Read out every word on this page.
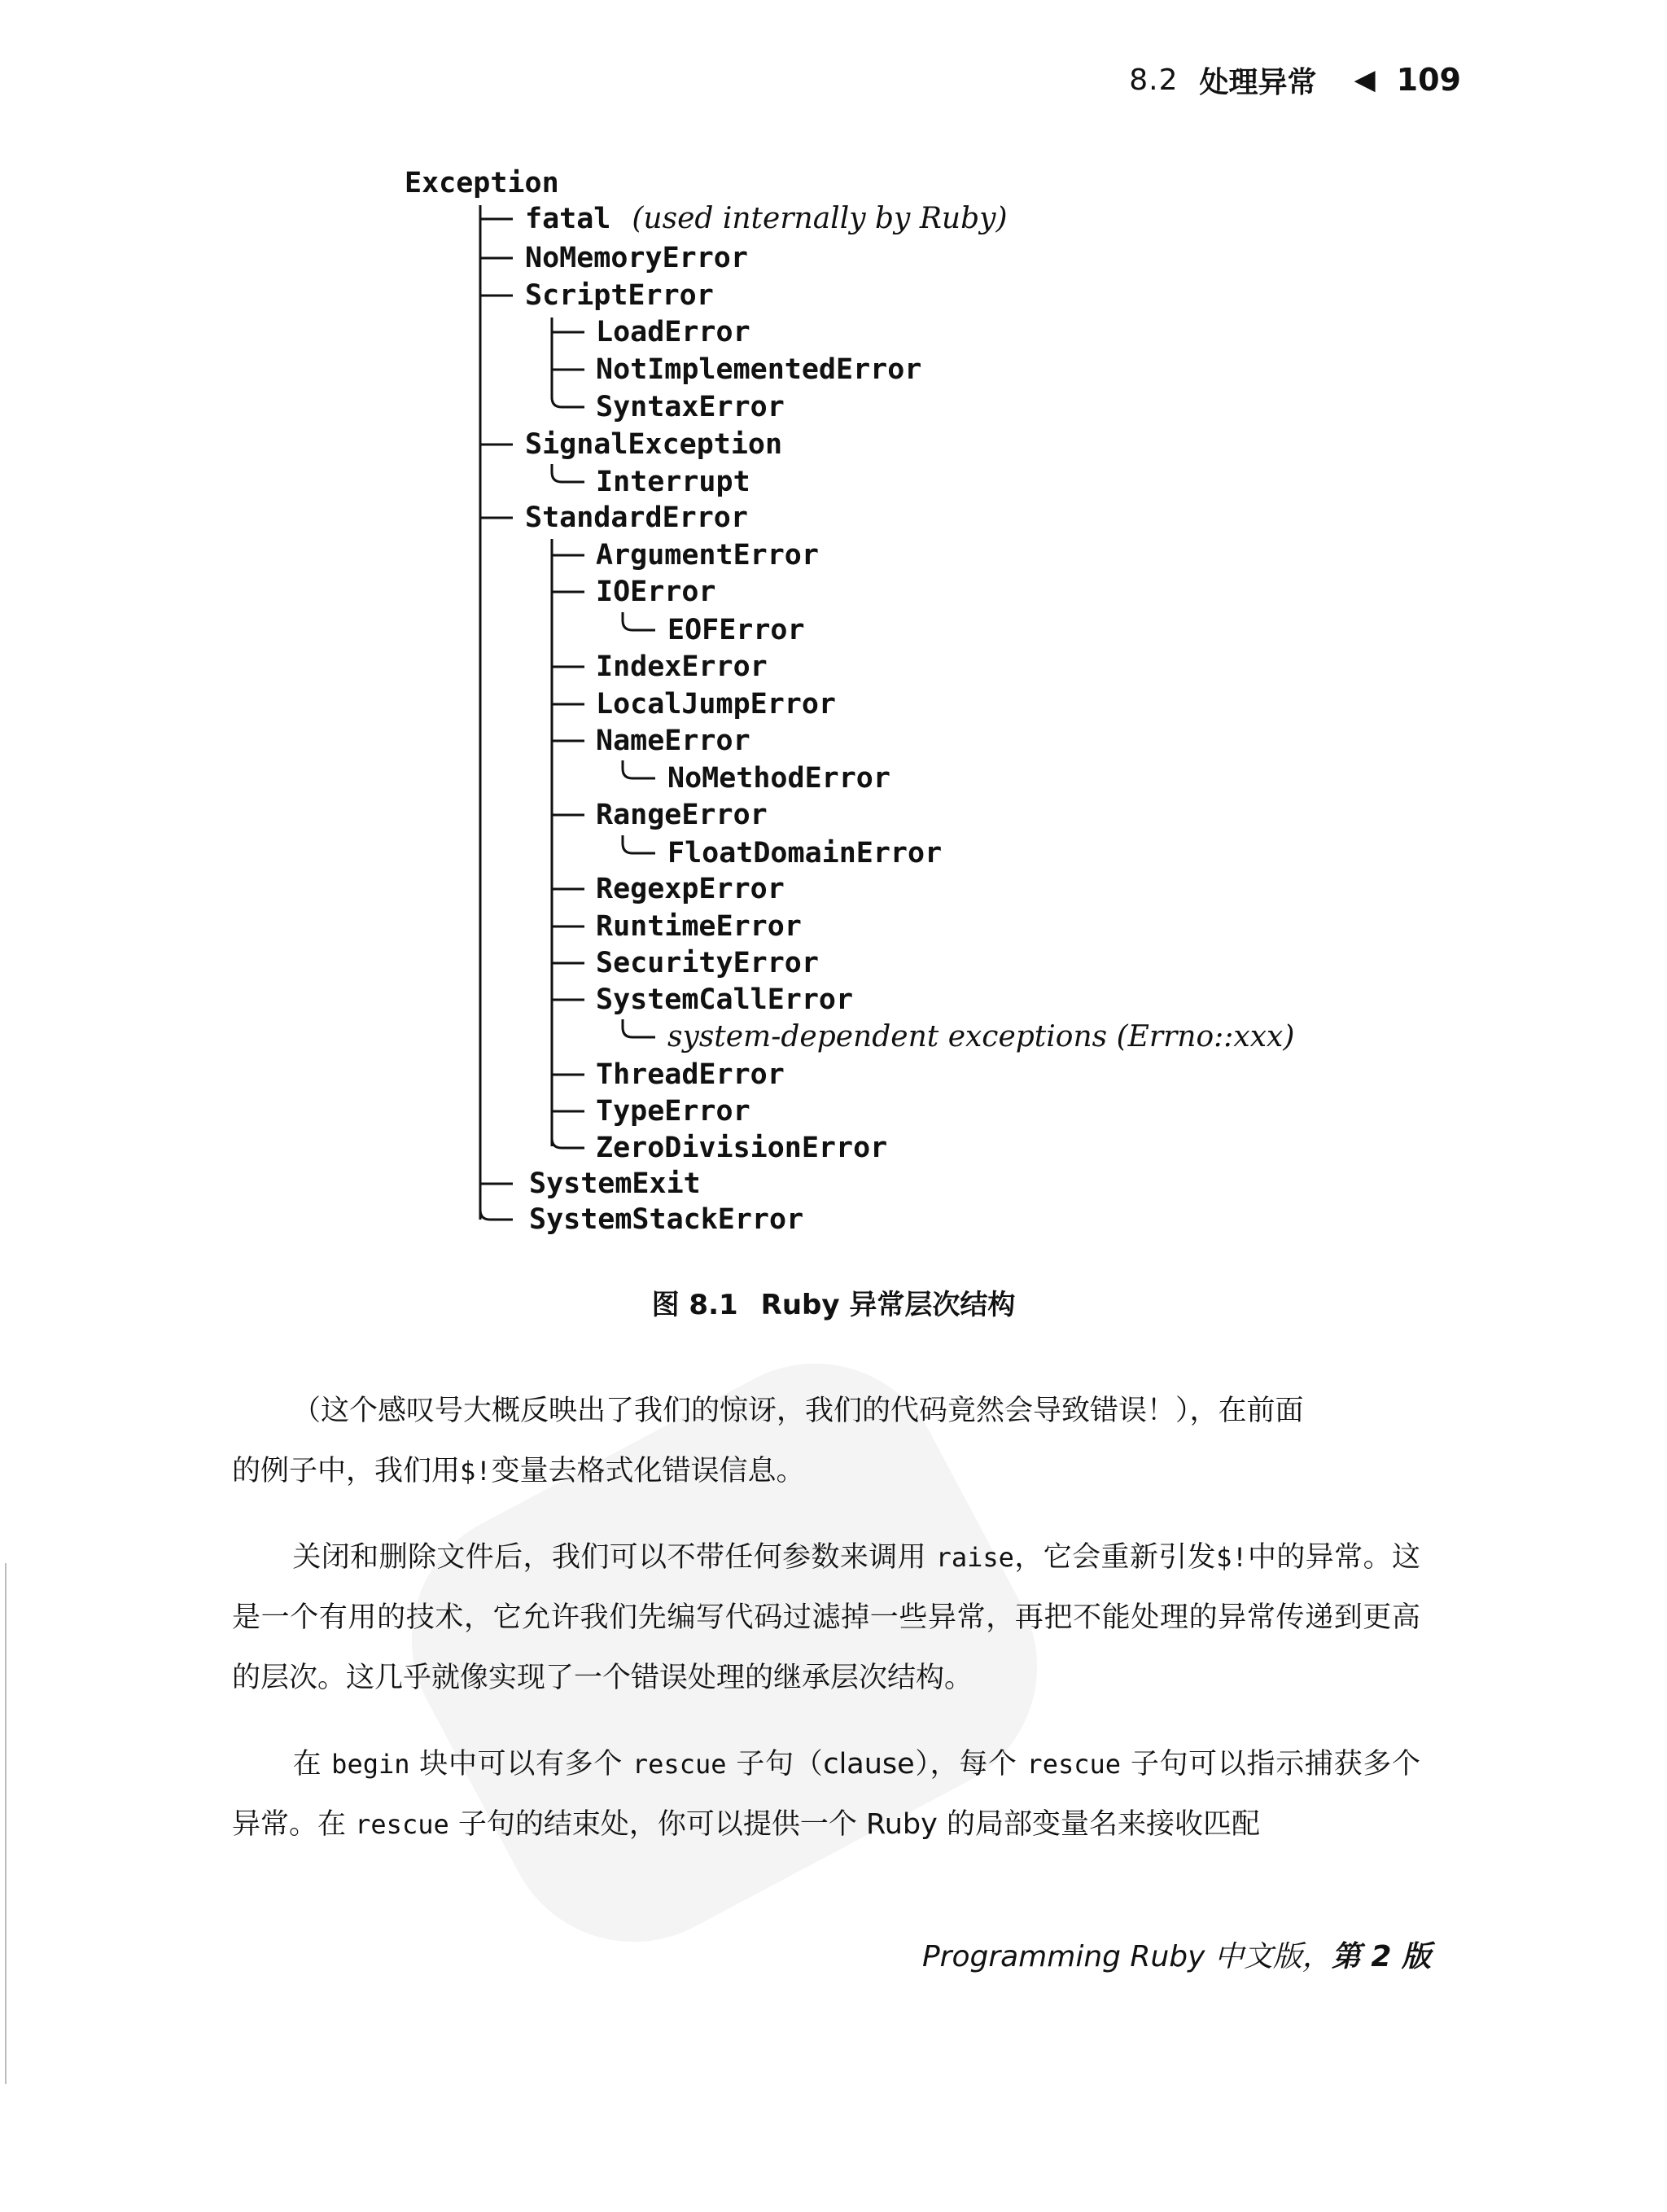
8.2 处理异常 ◀ 109
Exception
fatal (used internally by Ruby)
NoMemoryError
ScriptError
LoadError
NotImplementedError
SyntaxError
SignalException
Interrupt
StandardError
ArgumentError
IOError
EOFError
IndexError
LocalJumpError
NameError
NoMethodError
RangeError
FloatDomainError
RegexpError
RuntimeError
SecurityError
SystemCallError
system-dependent exceptions (Errno::xxx)
ThreadError
TypeError
ZeroDivisionError
SystemExit
SystemStackError
图 8.1 Ruby 异常层次结构
（这个感叹号大概反映出了我们的惊讶，我们的代码竟然会导致错误！），在前面
的例子中，我们用$!变量去格式化错误信息。
关闭和删除文件后，我们可以不带任何参数来调用 raise，它会重新引发$!中的异常。这是一个有用的技术，它允许我们先编写代码过滤掉一些异常，再把不能处理的异常传递到更高的层次。这几乎就像实现了一个错误处理的继承层次结构。
在 begin 块中可以有多个 rescue 子句（clause），每个 rescue 子句可以指示捕获多个异常。在 rescue 子句的结束处，你可以提供一个 Ruby 的局部变量名来接收匹配
Programming Ruby 中文版，第 2 版
